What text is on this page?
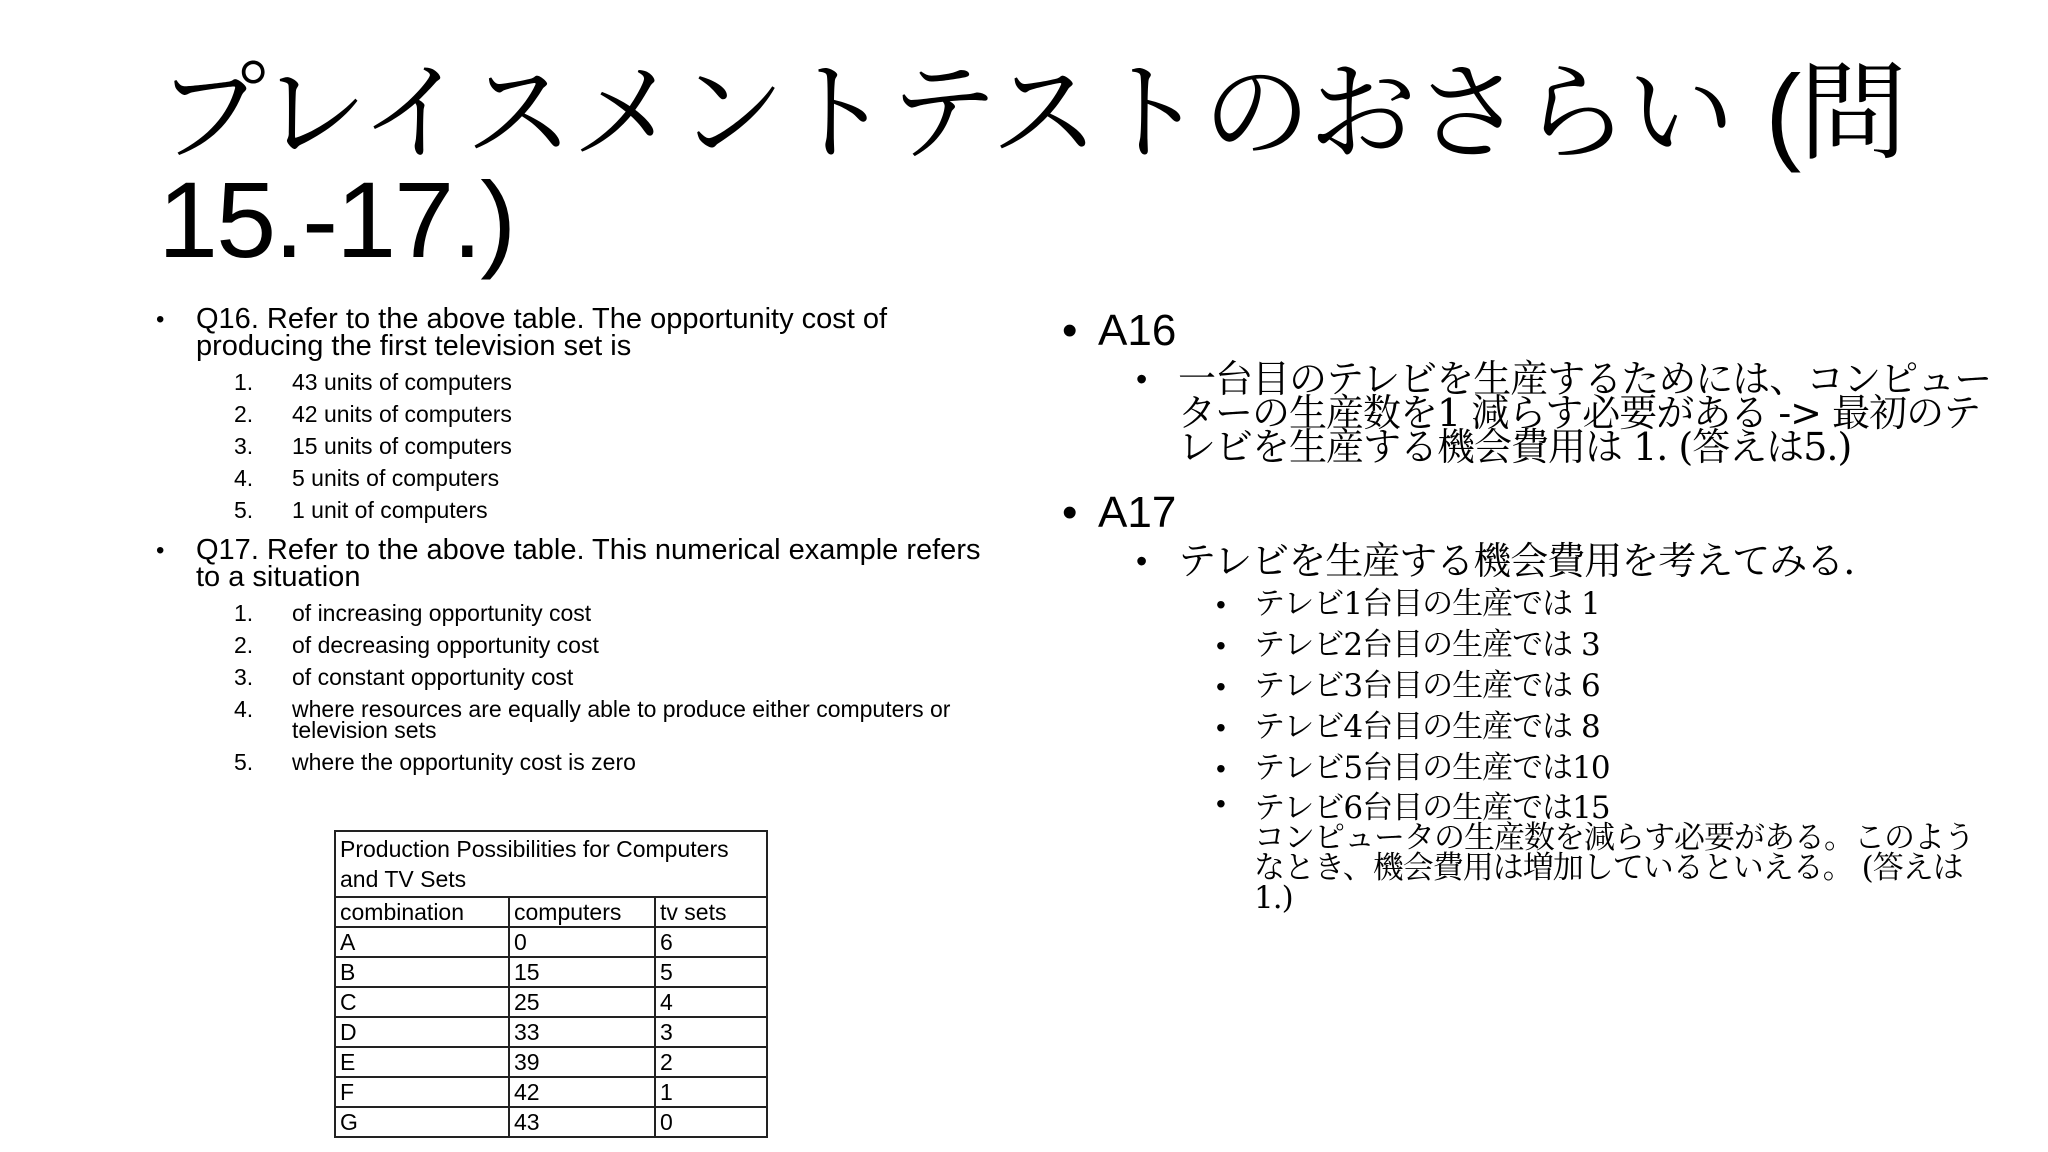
プレイスメントテストのおさらい (問15.-17.)
• Q16. Refer to the above table. The opportunity cost of producing the first television set is
1. 43 units of computers
2. 42 units of computers
3. 15 units of computers
4. 5 units of computers
5. 1 unit of computers
• Q17. Refer to the above table. This numerical example refers to a situation
1. of increasing opportunity cost
2. of decreasing opportunity cost
3. of constant opportunity cost
4. where resources are equally able to produce either computers or television sets
5. where the opportunity cost is zero
Production Possibilities for Computers and TV Sets		
combination	computers	tv sets
A	0	6
B	15	5
C	25	4
D	33	3
E	39	2
F	42	1
G	43	0
• A16
• 一台目のテレビを生産するためには、コンピューターの生産数を1 減らす必要がある -> 最初のテレビを生産する機会費用は 1. (答えは5.)
• A17
• テレビを生産する機会費用を考えてみる.
• テレビ1台目の生産では 1
• テレビ2台目の生産では 3
• テレビ3台目の生産では 6
• テレビ4台目の生産では 8
• テレビ5台目の生産では10
• テレビ6台目の生産では15
コンピュータの生産数を減らす必要がある。このようなとき、機会費用は増加しているといえる。 (答えは 1.)
